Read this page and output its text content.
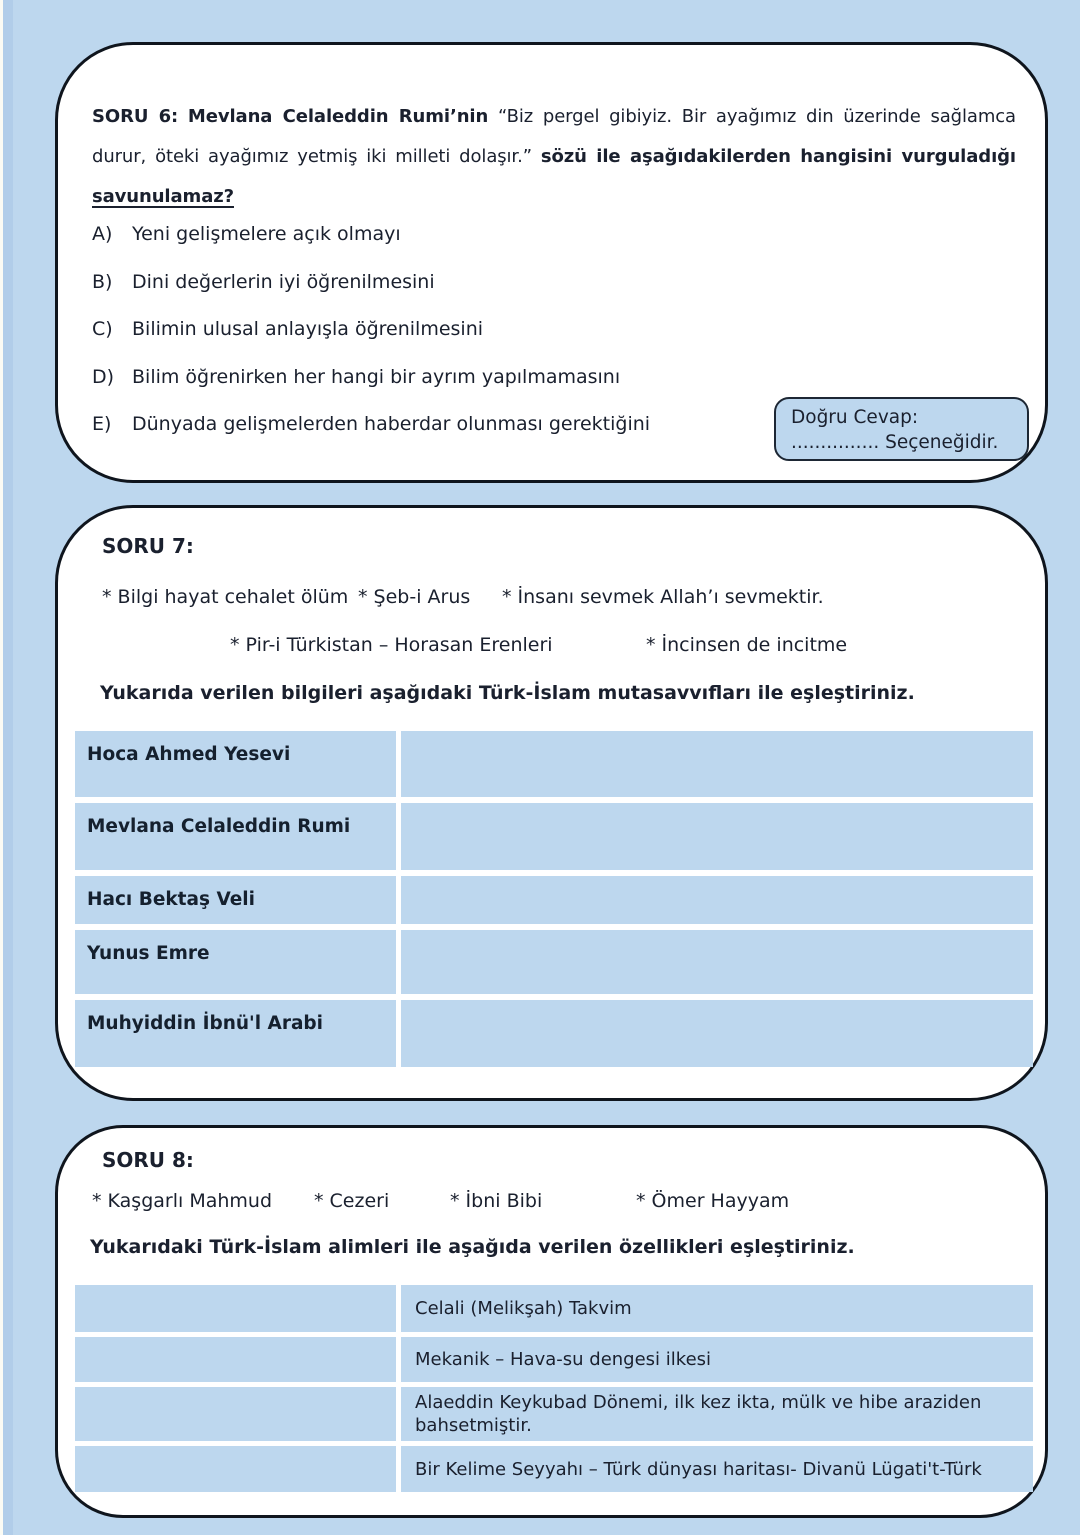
SORU 6: Mevlana Celaleddin Rumi’nin “Biz pergel gibiyiz. Bir ayağımız din üzerinde sağlamca durur, öteki ayağımız yetmiş iki milleti dolaşır.” sözü ile aşağıdakilerden hangisini vurguladığı savunulamaz?

A)	Yeni gelişmelere açık olmayı
B)	Dini değerlerin iyi öğrenilmesini
C)	Bilimin ulusal anlayışla öğrenilmesini
D) Bilim öğrenirken her hangi bir ayrım yapılmamasını
E)	Dünyada gelişmelerden haberdar olunması gerektiğini	Doğru Cevap:
............... Seçeneğidir.
SORU 7:
* Bilgi hayat cehalet ölüm * Şeb-i Arus * İnsanı sevmek Allah’ı sevmektir.
* Pir-i Türkistan – Horasan Erenleri	* İncinsen de incitme
Yukarıda verilen bilgileri aşağıdaki Türk-İslam mutasavvıfları ile eşleştiriniz.
Hoca Ahmed Yesevi
Mevlana Celaleddin Rumi
Hacı Bektaş Veli
Yunus Emre
Muhyiddin İbnü'l Arabi
SORU 8:
* Kaşgarlı Mahmud * Cezeri	* İbni Bibi	* Ömer Hayyam
Yukarıdaki Türk-İslam alimleri ile aşağıda verilen özellikleri eşleştiriniz.
Celali (Melikşah) Takvim
Mekanik – Hava-su dengesi ilkesi
Alaeddin Keykubad Dönemi, ilk kez ikta, mülk ve hibe araziden bahsetmiştir.
Bir Kelime Seyyahı – Türk dünyası haritası- Divanü Lügati't-Türk
